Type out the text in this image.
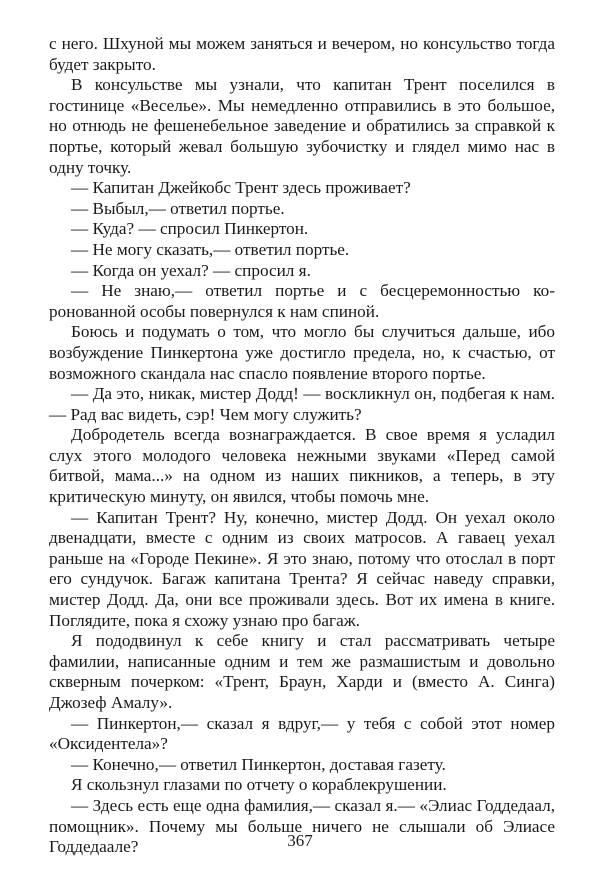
с него. Шхуной мы можем заняться и вечером, но консульство тогда будет закрыто.

В консульстве мы узнали, что капитан Трент поселился в гостинице «Веселье». Мы немедленно отправились в это большое, но отнюдь не фешенебельное заведение и обратились за справкой к портье, который жевал большую зубочистку и глядел мимо нас в одну точку.

— Капитан Джейкобс Трент здесь проживает?

— Выбыл,— ответил портье.

— Куда? — спросил Пинкертон.

— Не могу сказать,— ответил портье.

— Когда он уехал? — спросил я.

— Не знаю,— ответил портье и с бесцеремонностью коронованной особы повернулся к нам спиной.

Боюсь и подумать о том, что могло бы случиться дальше, ибо возбуждение Пинкертона уже достигло предела, но, к счастью, от возможного скандала нас спасло появление второго портье.

— Да это, никак, мистер Додд! — воскликнул он, подбегая к нам.— Рад вас видеть, сэр! Чем могу служить?

Добродетель всегда вознаграждается. В свое время я усладил слух этого молодого человека нежными звуками «Перед самой битвой, мама...» на одном из наших пикников, а теперь, в эту критическую минуту, он явился, чтобы помочь мне.

— Капитан Трент? Ну, конечно, мистер Додд. Он уехал около двенадцати, вместе с одним из своих матросов. А гаваец уехал раньше на «Городе Пекине». Я это знаю, потому что отослал в порт его сундучок. Багаж капитана Трента? Я сейчас наведу справки, мистер Додд. Да, они все проживали здесь. Вот их имена в книге. Поглядите, пока я схожу узнаю про багаж.

Я пододвинул к себе книгу и стал рассматривать четыре фамилии, написанные одним и тем же размашистым и довольно скверным почерком: «Трент, Браун, Харди и (вместо А. Синга) Джозеф Амалу».

— Пинкертон,— сказал я вдруг,— у тебя с собой этот номер «Оксидентела»?

— Конечно,— ответил Пинкертон, доставая газету.

Я скользнул глазами по отчету о кораблекрушении.

— Здесь есть еще одна фамилия,— сказал я.— «Элиас Годдедаал, помощник». Почему мы больше ничего не слышали об Элиасе Годдедаале?	367
